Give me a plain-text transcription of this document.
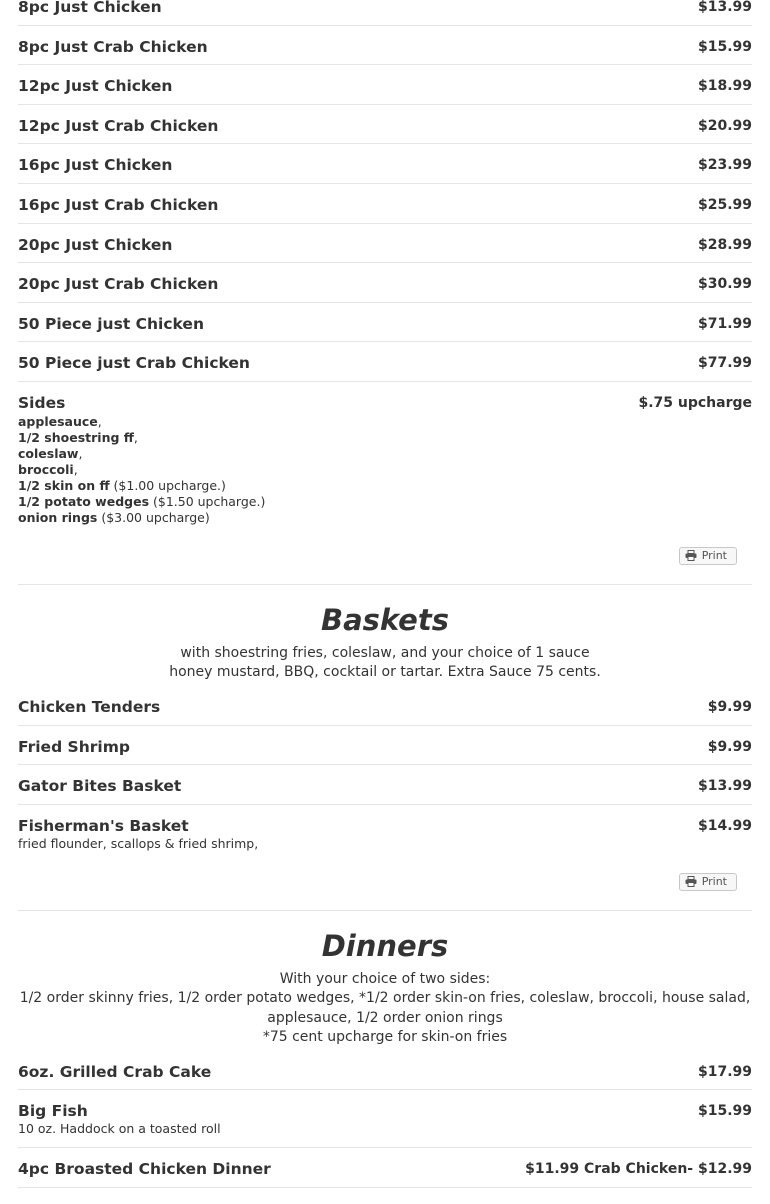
8pc Just Chicken	$13.99
8pc Just Crab Chicken	$15.99
12pc Just Chicken	$18.99
12pc Just Crab Chicken	$20.99
16pc Just Chicken	$23.99
16pc Just Crab Chicken	$25.99
20pc Just Chicken	$28.99
20pc Just Crab Chicken	$30.99
50 Piece just Chicken	$71.99
50 Piece just Crab Chicken	$77.99
Sides	$.75 upcharge
applesauce,
1/2 shoestring ff,
coleslaw,
broccoli,
1/2 skin on ff ($1.00 upcharge.)
1/2 potato wedges ($1.50 upcharge.)
onion rings ($3.00 upcharge)
Print
Baskets
with shoestring fries, coleslaw, and your choice of 1 sauce
honey mustard, BBQ, cocktail or tartar. Extra Sauce 75 cents.
Chicken Tenders	$9.99
Fried Shrimp	$9.99
Gator Bites Basket	$13.99
Fisherman's Basket	$14.99
fried flounder, scallops & fried shrimp,
Print
Dinners
With your choice of two sides:
1/2 order skinny fries, 1/2 order potato wedges, *1/2 order skin-on fries, coleslaw, broccoli, house salad,
applesauce, 1/2 order onion rings
*75 cent upcharge for skin-on fries
6oz. Grilled Crab Cake	$17.99
Big Fish	$15.99
10 oz. Haddock on a toasted roll
4pc Broasted Chicken Dinner	$11.99 Crab Chicken- $12.99
